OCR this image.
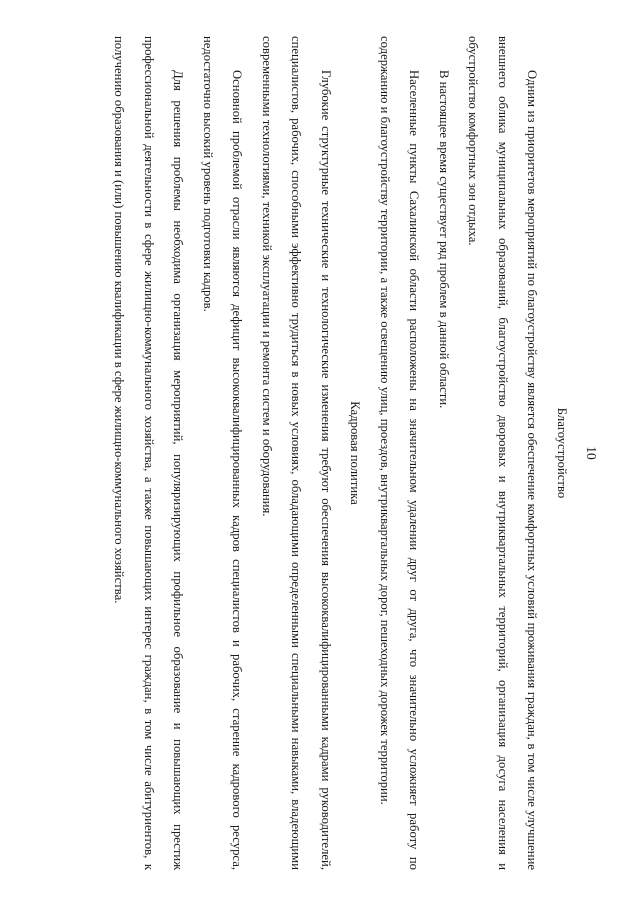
10

Благоустройство

Одним из приоритетов мероприятий по благоустройству является обеспечение комфортных условий проживания граждан, в том числе улучшение внешнего облика муниципальных образований, благоустройство дворовых и внутриквартальных территорий, организация досуга населения и обустройство комфортных зон отдыха.

В настоящее время существует ряд проблем в данной области.

Населенные пункты Сахалинской области расположены на значительном удалении друг от друга, что значительно усложняет работу по содержанию и благоустройству территории, а также освещению улиц, проездов, внутриквартальных дорог, пешеходных дорожек территории.

Кадровая политика

Глубокие структурные технические и технологические изменения требуют обеспечения высококвалифицированными кадрами руководителей, специалистов, рабочих, способными эффективно трудиться в новых условиях, обладающими определенными специальными навыками, владеющими современными технологиями, техникой эксплуатации и ремонта систем и оборудования.

Основной проблемой отрасли являются дефицит высококвалифицированных кадров специалистов и рабочих, старение кадрового ресурса, недостаточно высокий уровень подготовки кадров.

Для решения проблемы необходима организация мероприятий, популяризирующих профильное образование и повышающих престиж профессиональной деятельности в сфере жилищно-коммунального хозяйства, а также повышающих интерес граждан, в том числе абитуриентов, к получению образования и (или) повышению квалификации в сфере жилищно-коммунального хозяйства.
